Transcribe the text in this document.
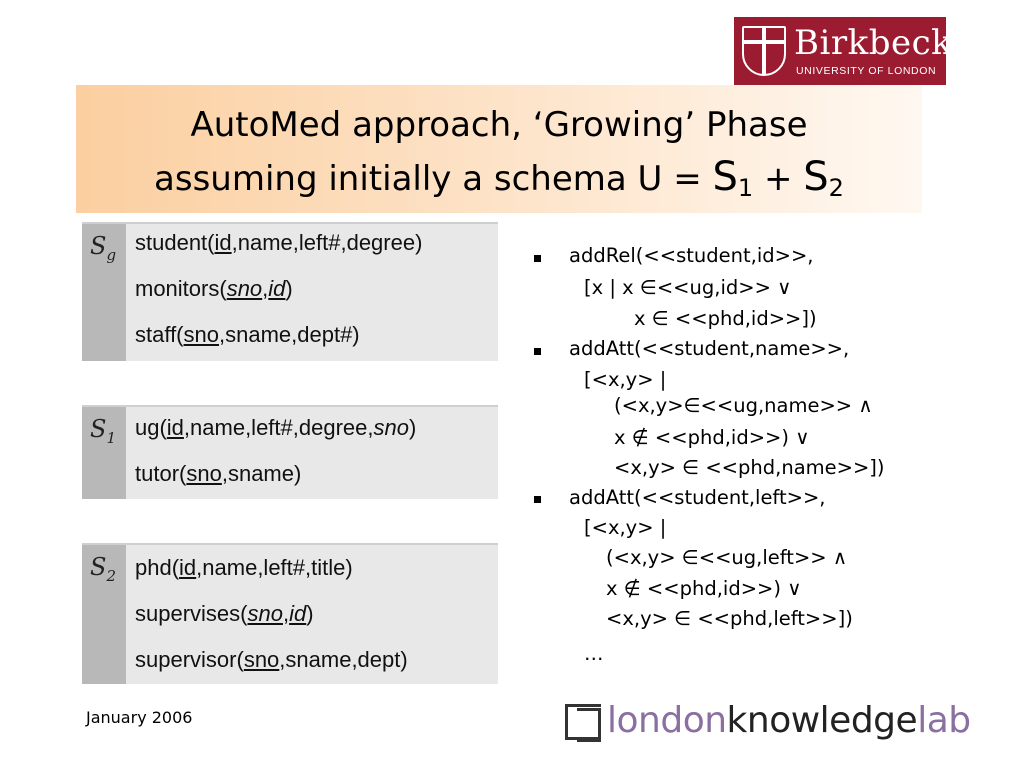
Birkbeck
UNIVERSITY OF LONDON
AutoMed approach, ‘Growing’ Phase
assuming initially a schema $U = S_1 + S_2$
$S_g$ student(id,name,left#,degree)
monitors(sno,id)
staff(sno,sname,dept#)
$S_1$ ug(id,name,left#,degree,sno)
tutor(sno,sname)
$S_2$ phd(id,name,left#,title)
supervises(sno,id)
supervisor(sno,sname,dept)
addRel(<<student,id>>,
[x | x ∈<<ug,id>> ∨
x ∈ <<phd,id>>])
addAtt(<<student,name>>,
[<x,y> |
(<x,y>∈<<ug,name>> ∧
x ∉ <<phd,id>>) ∨
<x,y> ∈ <<phd,name>>])
addAtt(<<student,left>>,
[<x,y> |
(<x,y> ∈<<ug,left>> ∧
x ∉ <<phd,id>>) ∨
<x,y> ∈ <<phd,left>>])
…
January 2006	londonknowledgelab
